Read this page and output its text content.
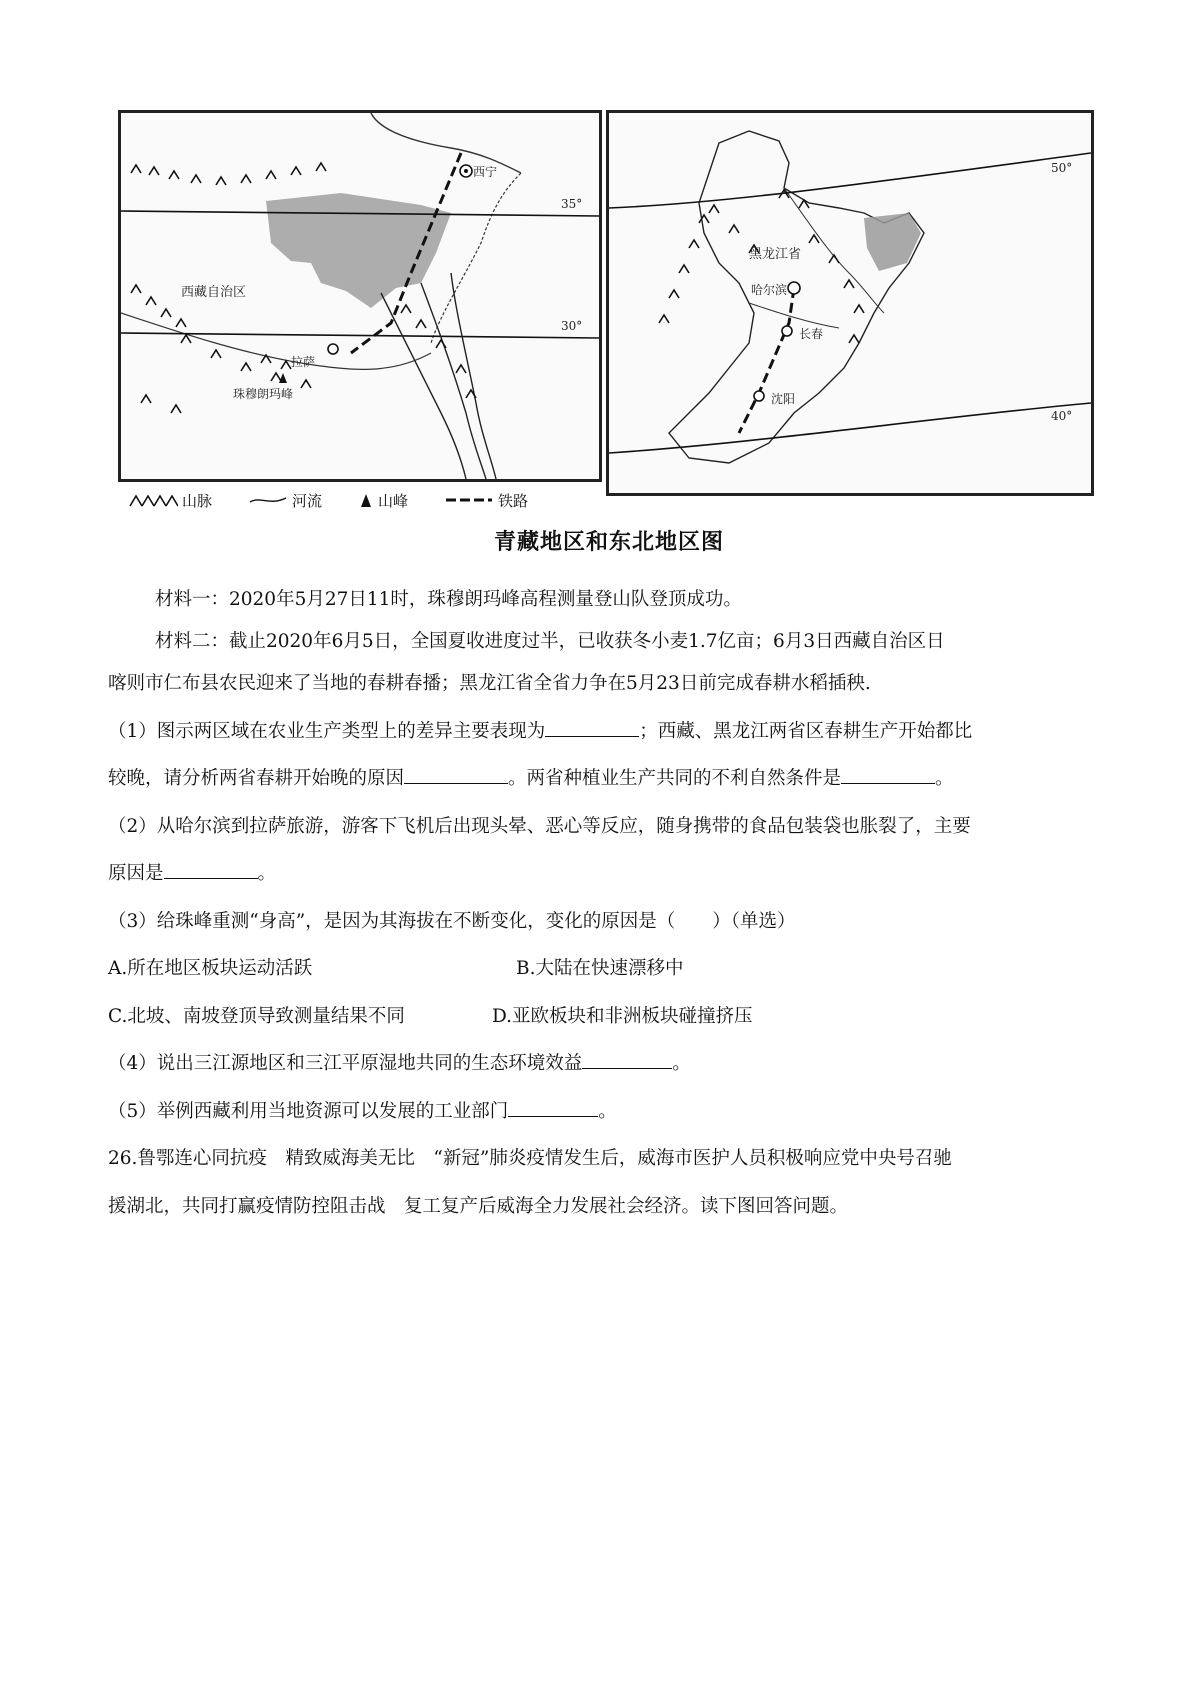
西宁
西藏自治区
拉萨
珠穆朗玛峰
35°
30°
黑龙江省
哈尔滨
长春
沈阳
50°
40°
山脉	河流	山峰	铁路
青藏地区和东北地区图
材料一：2020年5月27日11时，珠穆朗玛峰高程测量登山队登顶成功。
材料二：截止2020年6月5日，全国夏收进度过半，已收获冬小麦1.7亿亩；6月3日西藏自治区日
喀则市仁布县农民迎来了当地的春耕春播；黑龙江省全省力争在5月23日前完成春耕水稻插秧.
（1）图示两区域在农业生产类型上的差异主要表现为	；西藏、黑龙江两省区春耕生产开始都比
较晚，请分析两省春耕开始晚的原因	。两省种植业生产共同的不利自然条件是	。
（2）从哈尔滨到拉萨旅游，游客下飞机后出现头晕、恶心等反应，随身携带的食品包装袋也胀裂了，主要
原因是	。
（3）给珠峰重测“身高”，是因为其海拔在不断变化，变化的原因是（　　）（单选）
A.所在地区板块运动活跃	B.大陆在快速漂移中
C.北坡、南坡登顶导致测量结果不同	D.亚欧板块和非洲板块碰撞挤压
（4）说出三江源地区和三江平原湿地共同的生态环境效益	。
（5）举例西藏利用当地资源可以发展的工业部门	。
26.鲁鄂连心同抗疫　精致威海美无比　“新冠”肺炎疫情发生后，威海市医护人员积极响应党中央号召驰
援湖北，共同打赢疫情防控阻击战　复工复产后威海全力发展社会经济。读下图回答问题。
